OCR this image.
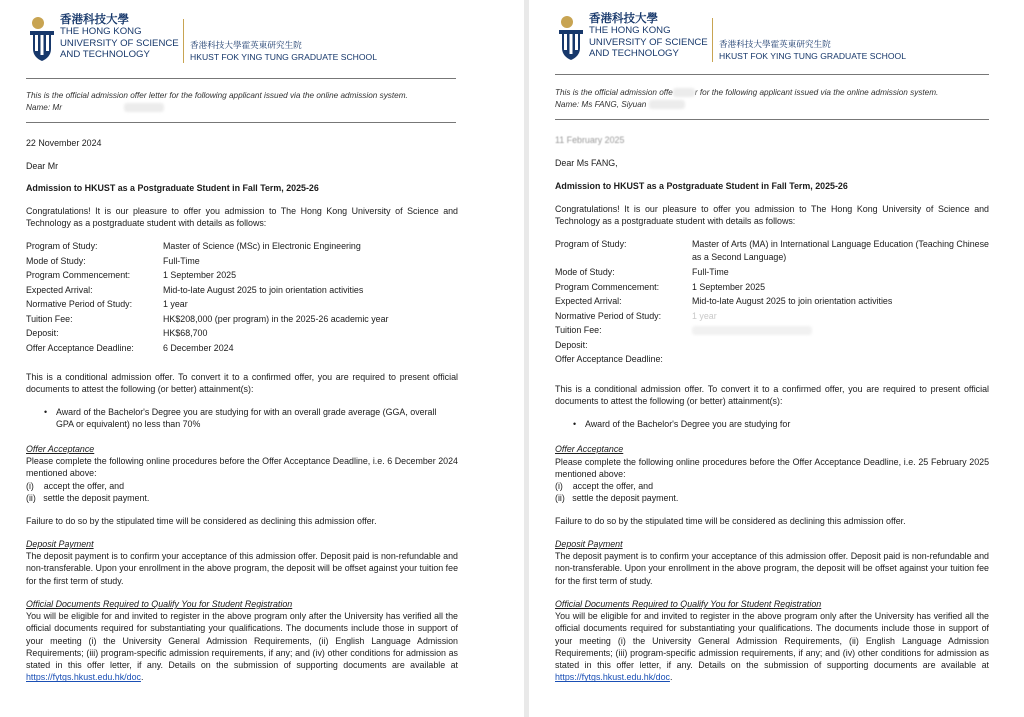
香港科技大學
THE HONG KONG
UNIVERSITY OF SCIENCE
AND TECHNOLOGY
香港科技大學霍英東研究生院
HKUST FOK YING TUNG GRADUATE SCHOOL
This is the official admission offer letter for the following applicant issued via the online admission system.
Name: Mr
22 November 2024
Dear Mr
Admission to HKUST as a Postgraduate Student in Fall Term, 2025-26
Congratulations! It is our pleasure to offer you admission to The Hong Kong University of Science and Technology as a postgraduate student with details as follows:
Program of Study:	Master of Science (MSc) in Electronic Engineering
Mode of Study:	Full-Time
Program Commencement:	1 September 2025
Expected Arrival:	Mid-to-late August 2025 to join orientation activities
Normative Period of Study:	1 year
Tuition Fee:	HK$208,000 (per program) in the 2025-26 academic year
Deposit:	HK$68,700
Offer Acceptance Deadline:	6 December 2024
This is a conditional admission offer. To convert it to a confirmed offer, you are required to present official documents to attest the following (or better) attainment(s):
• Award of the Bachelor's Degree you are studying for with an overall grade average (GGA, overall GPA or equivalent) no less than 70%
Offer Acceptance
Please complete the following online procedures before the Offer Acceptance Deadline, i.e. 6 December 2024 mentioned above:
(i)    accept the offer, and
(ii)   settle the deposit payment.
Failure to do so by the stipulated time will be considered as declining this admission offer.
Deposit Payment
The deposit payment is to confirm your acceptance of this admission offer. Deposit paid is non-refundable and non-transferable. Upon your enrollment in the above program, the deposit will be offset against your tuition fee for the first term of study.
Official Documents Required to Qualify You for Student Registration
You will be eligible for and invited to register in the above program only after the University has verified all the official documents required for substantiating your qualifications. The documents include those in support of your meeting (i) the University General Admission Requirements, (ii) English Language Admission Requirements; (iii) program-specific admission requirements, if any; and (iv) other conditions for admission as stated in this offer letter, if any. Details on the submission of supporting documents are available at https://fytgs.hkust.edu.hk/doc.
香港科技大學
THE HONG KONG
UNIVERSITY OF SCIENCE
AND TECHNOLOGY
香港科技大學霍英東研究生院
HKUST FOK YING TUNG GRADUATE SCHOOL
This is the official admission offe	r for the following applicant issued via the online admission system.
Name: Ms FANG, Siyuan
11 February 2025
Dear Ms FANG,
Admission to HKUST as a Postgraduate Student in Fall Term, 2025-26
Congratulations! It is our pleasure to offer you admission to The Hong Kong University of Science and Technology as a postgraduate student with details as follows:
Program of Study:	Master of Arts (MA) in International Language Education (Teaching Chinese as a Second Language)
Mode of Study:	Full-Time
Program Commencement:	1 September 2025
Expected Arrival:	Mid-to-late August 2025 to join orientation activities
Normative Period of Study:	1 year
Tuition Fee:
Deposit:
Offer Acceptance Deadline:
This is a conditional admission offer. To convert it to a confirmed offer, you are required to present official documents to attest the following (or better) attainment(s):
• Award of the Bachelor's Degree you are studying for
Offer Acceptance
Please complete the following online procedures before the Offer Acceptance Deadline, i.e. 25 February 2025 mentioned above:
(i)    accept the offer, and
(ii)   settle the deposit payment.
Failure to do so by the stipulated time will be considered as declining this admission offer.
Deposit Payment
The deposit payment is to confirm your acceptance of this admission offer. Deposit paid is non-refundable and non-transferable. Upon your enrollment in the above program, the deposit will be offset against your tuition fee for the first term of study.
Official Documents Required to Qualify You for Student Registration
You will be eligible for and invited to register in the above program only after the University has verified all the official documents required for substantiating your qualifications. The documents include those in support of your meeting (i) the University General Admission Requirements, (ii) English Language Admission Requirements; (iii) program-specific admission requirements, if any; and (iv) other conditions for admission as stated in this offer letter, if any. Details on the submission of supporting documents are available at https://fytgs.hkust.edu.hk/doc.
